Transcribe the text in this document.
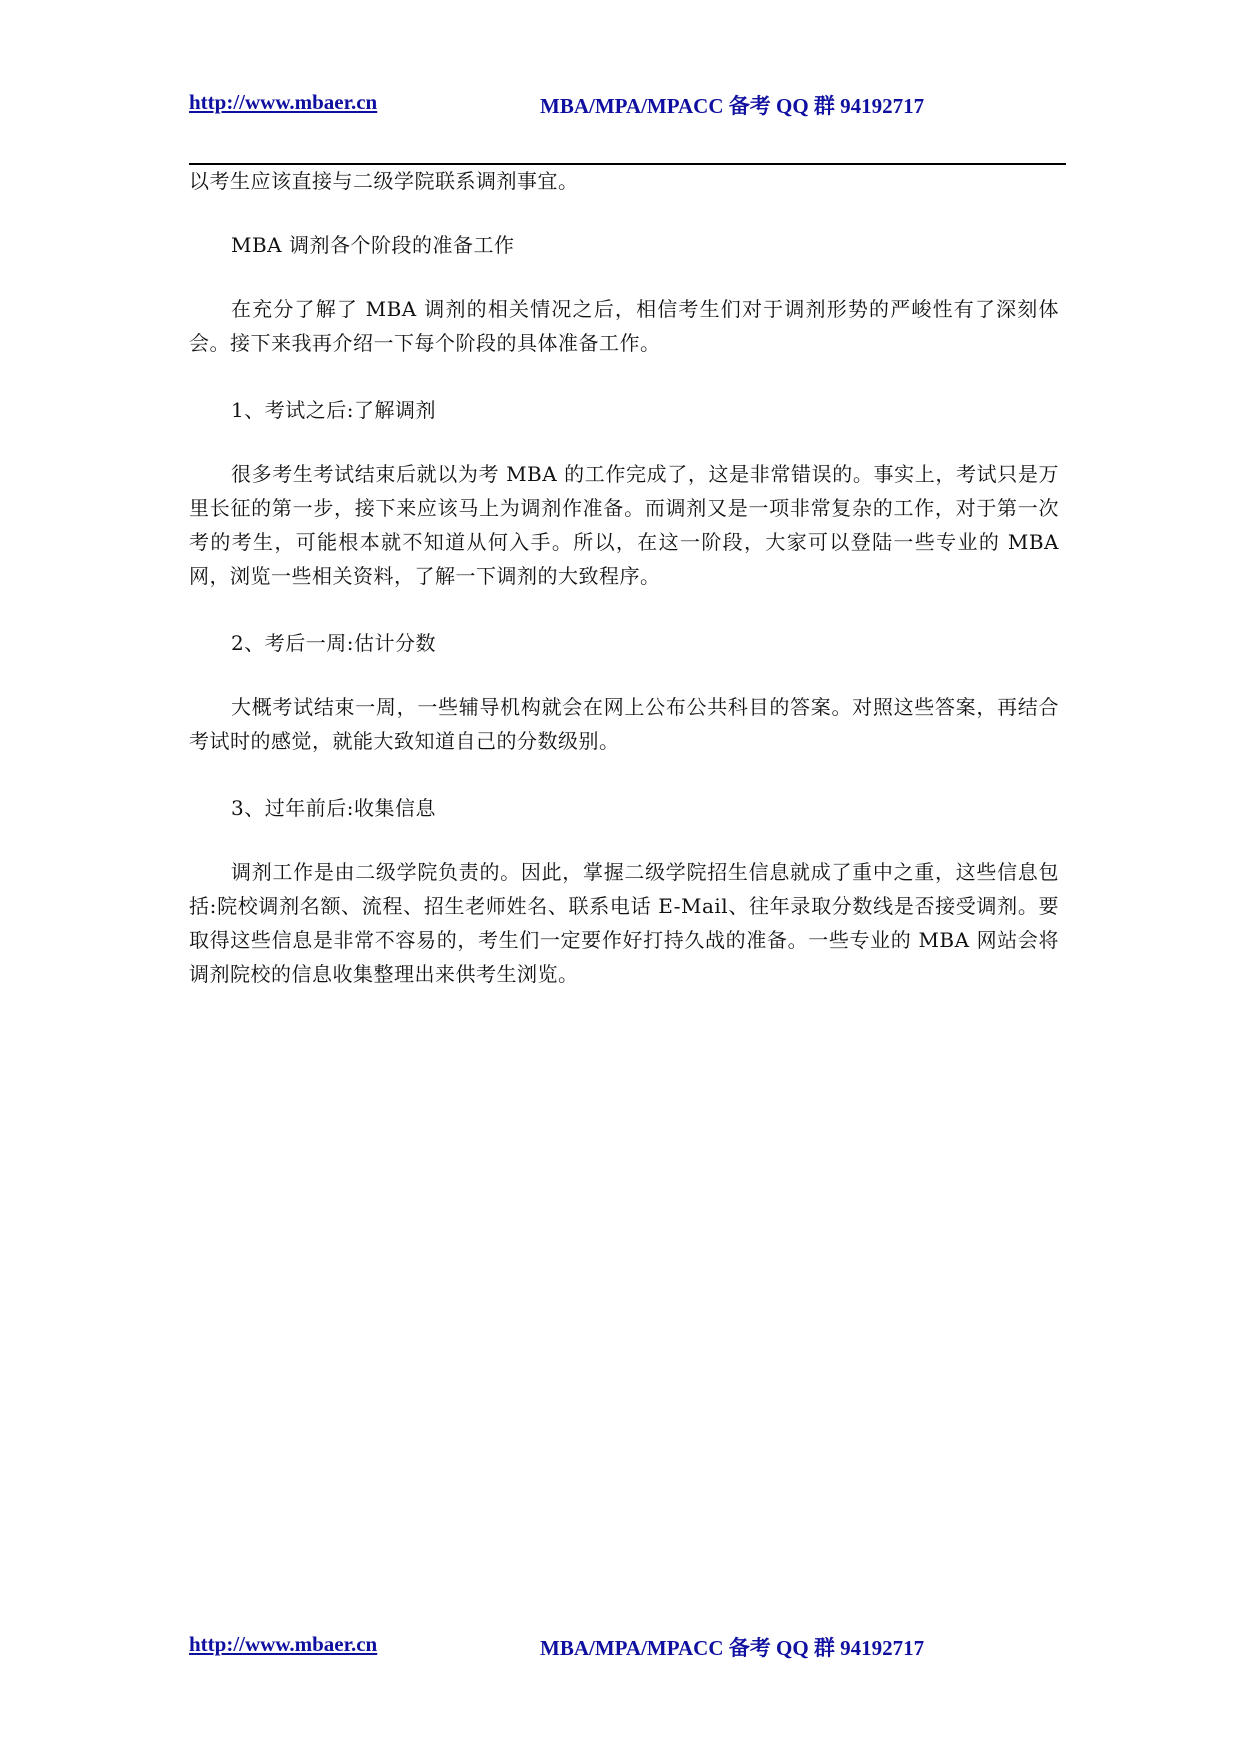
http://www.mbaer.cn	MBA/MPA/MPACC 备考 QQ 群 94192717

以考生应该直接与二级学院联系调剂事宜。

MBA 调剂各个阶段的准备工作

在充分了解了 MBA 调剂的相关情况之后，相信考生们对于调剂形势的严峻性有了深刻体会。接下来我再介绍一下每个阶段的具体准备工作。

1、考试之后:了解调剂

很多考生考试结束后就以为考 MBA 的工作完成了，这是非常错误的。事实上，考试只是万里长征的第一步，接下来应该马上为调剂作准备。而调剂又是一项非常复杂的工作，对于第一次考的考生，可能根本就不知道从何入手。所以，在这一阶段，大家可以登陆一些专业的 MBA 网，浏览一些相关资料，了解一下调剂的大致程序。

2、考后一周:估计分数

大概考试结束一周，一些辅导机构就会在网上公布公共科目的答案。对照这些答案，再结合考试时的感觉，就能大致知道自己的分数级别。

3、过年前后:收集信息

调剂工作是由二级学院负责的。因此，掌握二级学院招生信息就成了重中之重，这些信息包括:院校调剂名额、流程、招生老师姓名、联系电话 E-Mail、往年录取分数线是否接受调剂。要取得这些信息是非常不容易的，考生们一定要作好打持久战的准备。一些专业的 MBA 网站会将调剂院校的信息收集整理出来供考生浏览。

http://www.mbaer.cn	MBA/MPA/MPACC 备考 QQ 群 94192717
